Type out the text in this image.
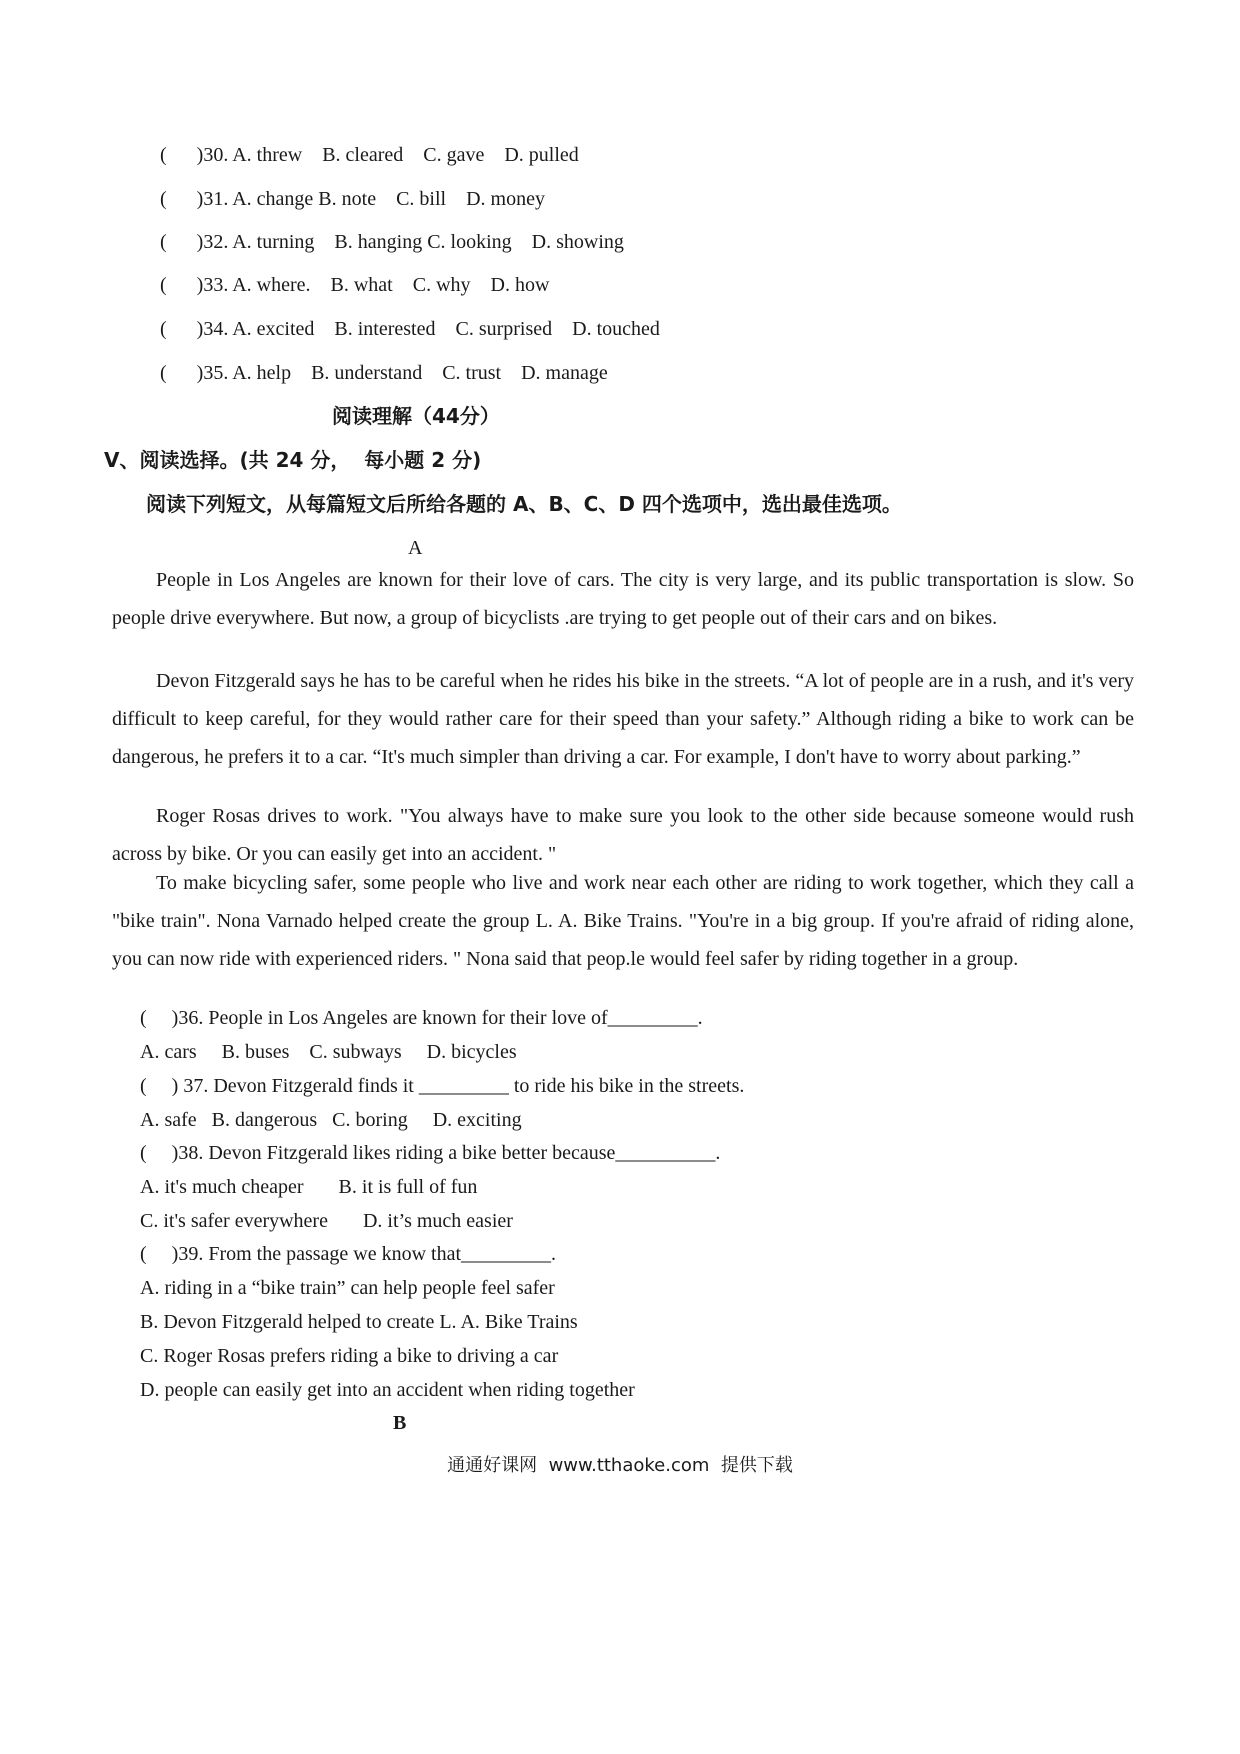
(      )30. A. threw    B. cleared    C. gave    D. pulled
(      )31. A. change B. note    C. bill    D. money
(      )32. A. turning    B. hanging C. looking    D. showing
(      )33. A. where.    B. what    C. why    D. how
(      )34. A. excited    B. interested    C. surprised    D. touched
(      )35. A. help    B. understand    C. trust    D. manage
阅读理解（44分）
V、阅读选择。(共 24 分，  每小题 2 分)
阅读下列短文，从每篇短文后所给各题的 A、B、C、D 四个选项中，选出最佳选项。
A
People in Los Angeles are known for their love of cars. The city is very large, and its public transportation is slow. So people drive everywhere. But now, a group of bicyclists .are trying to get people out of their cars and on bikes.
Devon Fitzgerald says he has to be careful when he rides his bike in the streets. “A lot of people are in a rush, and it's very difficult to keep careful, for they would rather care for their speed than your safety.” Although riding a bike to work can be dangerous, he prefers it to a car. “It's much simpler than driving a car. For example, I don't have to worry about parking.”
Roger Rosas drives to work. "You always have to make sure you look to the other side because someone would rush across by bike. Or you can easily get into an accident. "
To make bicycling safer, some people who live and work near each other are riding to work together, which they call a "bike train". Nona Varnado helped create the group L. A. Bike Trains. "You're in a big group. If you're afraid of riding alone, you can now ride with experienced riders. " Nona said that peop.le would feel safer by riding together in a group.
(     )36. People in Los Angeles are known for their love of_________.
A. cars     B. buses    C. subways     D. bicycles
(     ) 37. Devon Fitzgerald finds it _________ to ride his bike in the streets.
A. safe   B. dangerous   C. boring     D. exciting
(     )38. Devon Fitzgerald likes riding a bike better because__________.
A. it's much cheaper       B. it is full of fun
C. it's safer everywhere       D. it’s much easier
(     )39. From the passage we know that_________.
A. riding in a “bike train” can help people feel safer
B. Devon Fitzgerald helped to create L. A. Bike Trains
C. Roger Rosas prefers riding a bike to driving a car
D. people can easily get into an accident when riding together
B
通通好课网  www.tthaoke.com  提供下载
